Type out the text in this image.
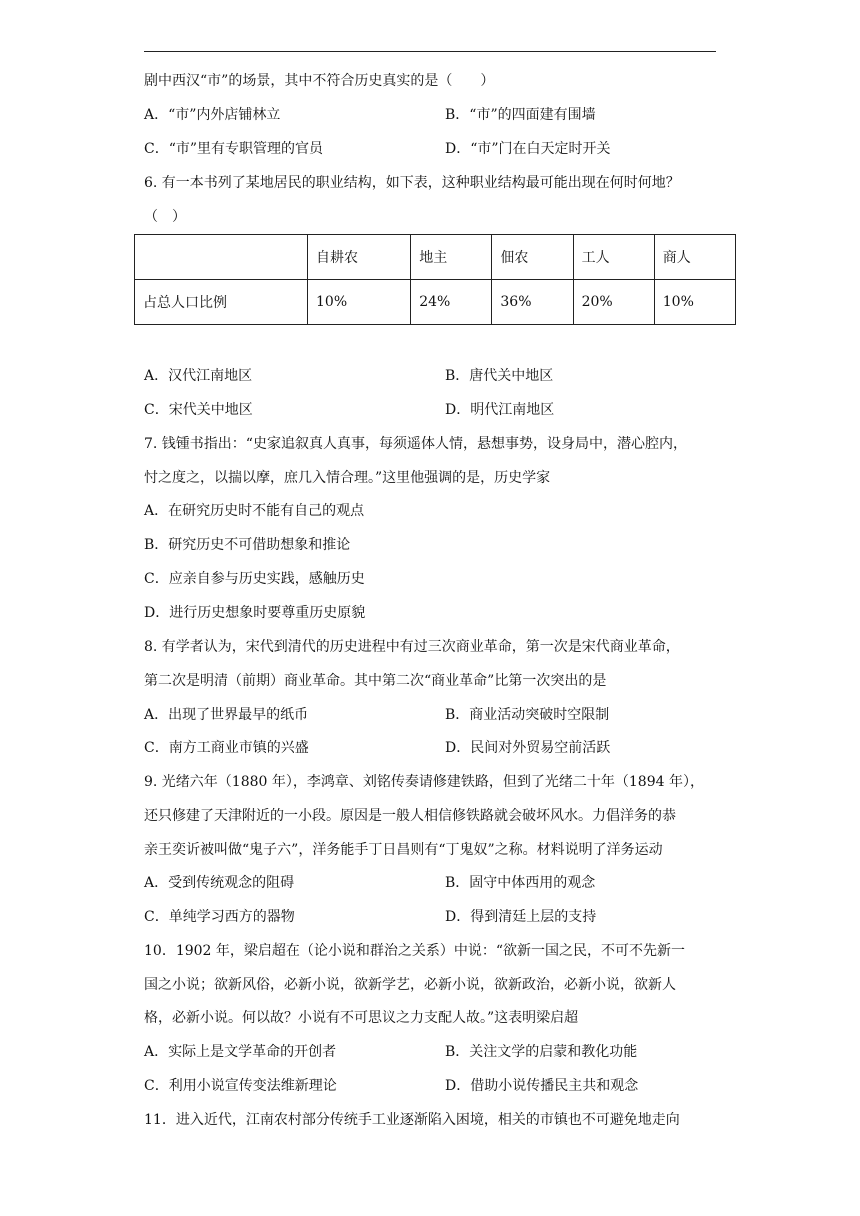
剧中西汉“市”的场景，其中不符合历史真实的是（　　）
A．“市”内外店铺林立	B．“市”的四面建有围墙
C．“市”里有专职管理的官员	D．“市”门在白天定时开关
6. 有一本书列了某地居民的职业结构，如下表，这种职业结构最可能出现在何时何地？
（　）
	自耕农	地主	佃农	工人	商人
占总人口比例	10%	24%	36%	20%	10%
A．汉代江南地区	B．唐代关中地区
C．宋代关中地区	D．明代江南地区
7. 钱锺书指出：“史家追叙真人真事，每须遥体人情，悬想事势，设身局中，潜心腔内，
忖之度之，以揣以摩，庶几入情合理。”这里他强调的是，历史学家
A．在研究历史时不能有自己的观点
B．研究历史不可借助想象和推论
C．应亲自参与历史实践，感触历史
D．进行历史想象时要尊重历史原貌
8. 有学者认为，宋代到清代的历史进程中有过三次商业革命，第一次是宋代商业革命，
第二次是明清（前期）商业革命。其中第二次“商业革命”比第一次突出的是
A．出现了世界最早的纸币	B．商业活动突破时空限制
C．南方工商业市镇的兴盛	D．民间对外贸易空前活跃
9. 光绪六年（1880 年），李鸿章、刘铭传奏请修建铁路，但到了光绪二十年（1894 年），
还只修建了天津附近的一小段。原因是一般人相信修铁路就会破坏风水。力倡洋务的恭
亲王奕䜣被叫做“鬼子六”，洋务能手丁日昌则有“丁鬼奴”之称。材料说明了洋务运动
A．受到传统观念的阻碍	B．固守中体西用的观念
C．单纯学习西方的器物	D．得到清廷上层的支持
10．1902 年，梁启超在（论小说和群治之关系）中说：“欲新一国之民，不可不先新一
国之小说；欲新风俗，必新小说，欲新学艺，必新小说，欲新政治，必新小说，欲新人
格，必新小说。何以故？小说有不可思议之力支配人故。”这表明梁启超
A．实际上是文学革命的开创者	B．关注文学的启蒙和教化功能
C．利用小说宣传变法维新理论	D．借助小说传播民主共和观念
11．进入近代，江南农村部分传统手工业逐渐陷入困境，相关的市镇也不可避免地走向
